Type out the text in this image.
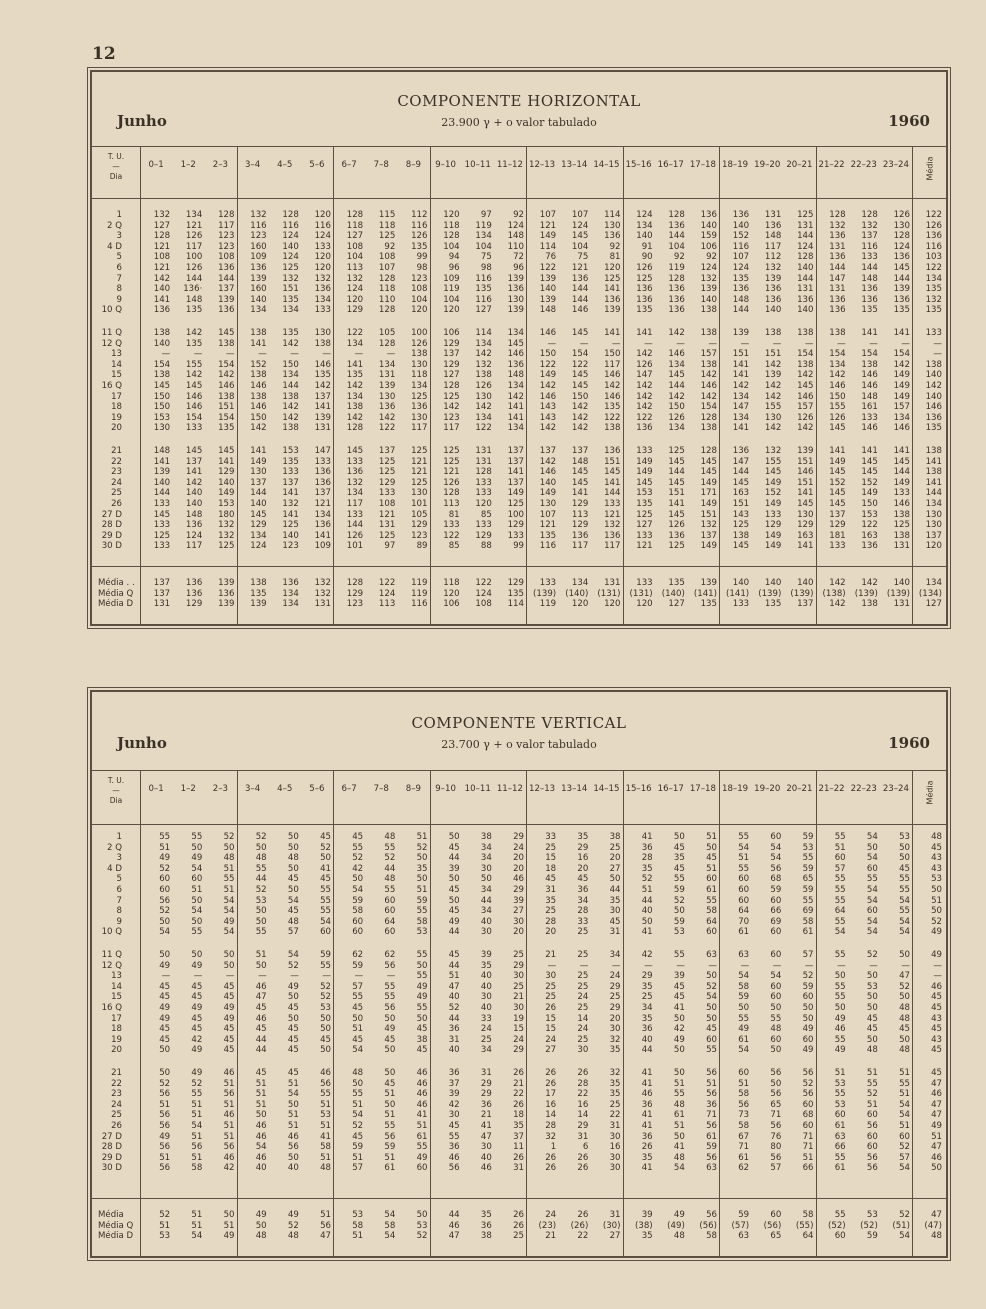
12
COMPONENTE HORIZONTAL
23.900 γ + o valor tabulado
Junho	1960
T. U.
—
Dia
0–1	1–2	2–3	3–4	4–5	5–6	6–7	7–8	8–9	9–10	10–11 11–12 12–13 13–14 14–15 15–16 16–17 17–18 18–19 19–20 20–21 21–22 22–23 23–24	Média
1	132	134	128	132	128	120	128	115	112	120	97	92	107	107	114	124	128	136	136	131	125	128	128	126	122
2 Q	127	121	117	116	116	116	118	118	116	118	119	124	121	124	130	134	136	140	140	136	131	132	132	130	126
3	128	126	123	123	124	124	127	125	126	128	134	148	149	145	136	140	144	159	152	148	144	136	137	128	136
4 D	121	117	123	160	140	133	108	92	135	104	104	110	114	104	92	91	104	106	116	117	124	131	116	124	116
5	108	100	108	109	124	120	104	108	99	94	75	72	76	75	81	90	92	92	107	112	128	136	133	136	103
6	121	126	136	136	125	120	113	107	98	96	98	96	122	121	120	126	119	124	124	132	140	144	144	145	122
7	142	144	144	139	132	132	132	128	123	109	116	139	139	136	125	125	128	132	135	139	144	147	148	144	134
8	140	136·	137	160	151	136	124	118	108	119	135	136	140	144	141	136	136	139	136	136	131	131	136	139	135
9	141	148	139	140	135	134	120	110	104	104	116	130	139	144	136	136	136	140	148	136	136	136	136	136	132
10 Q	136	135	136	134	134	133	129	128	120	120	127	139	148	146	139	135	136	138	144	140	140	136	135	135	135
11 Q	138	142	145	138	135	130	122	105	100	106	114	134	146	145	141	141	142	138	139	138	138	138	141	141	133
12 Q	140	135	138	141	142	138	134	128	126	129	134	145	—	—	—	—	—	—	—	—	—	—	—	—	—
13	—	—	—	—	—	—	—	—	138	137	142	146	150	154	150	142	146	157	151	151	154	154	154	154	—
14	154	155	154	152	150	146	141	134	130	129	132	136	122	122	117	126	134	138	141	142	138	134	138	142	138
15	138	142	142	138	134	135	135	131	118	127	138	148	149	145	146	147	145	142	141	139	142	142	146	149	140
16 Q	145	145	146	146	144	142	142	139	134	128	126	134	142	145	142	142	144	146	142	142	145	146	146	149	142
17	150	146	138	138	138	137	134	130	125	125	130	142	146	150	146	142	142	142	134	142	146	150	148	149	140
18	150	146	151	146	142	141	138	136	136	142	142	141	143	142	135	142	150	154	147	155	157	155	161	157	146
19	153	154	154	150	142	139	142	142	130	123	134	141	143	142	122	122	126	128	134	130	126	126	133	134	136
20	130	133	135	142	138	131	128	122	117	117	122	134	142	142	138	136	134	138	141	142	142	145	146	146	135
21	148	145	145	141	153	147	145	137	125	125	131	137	137	137	136	133	125	128	136	132	139	141	141	141	138
22	141	137	141	149	135	133	133	125	121	125	131	137	142	148	151	149	145	145	147	155	151	149	145	145	141
23	139	141	129	130	133	136	136	125	121	121	128	141	146	145	145	149	144	145	144	145	146	145	145	144	138
24	140	142	140	137	137	136	132	129	125	126	133	137	140	145	141	145	145	149	145	149	151	152	152	149	141
25	144	140	149	144	141	137	134	133	130	128	133	149	149	141	144	153	151	171	163	152	141	145	149	133	144
26	133	140	153	140	132	121	117	108	101	113	120	125	130	129	133	135	141	149	151	149	145	145	150	146	134
27 D	145	148	180	145	141	134	133	121	105	81	85	100	107	113	121	125	145	151	143	133	130	137	153	138	130
28 D	133	136	132	129	125	136	144	131	129	133	133	129	121	129	132	127	126	132	125	129	129	129	122	125	130
29 D	125	124	132	134	140	141	126	125	123	122	129	133	135	136	136	133	136	137	138	149	163	181	163	138	137
30 D	133	117	125	124	123	109	101	97	89	85	88	99	116	117	117	121	125	149	145	149	141	133	136	131	120
Média . .	137	136	139	138	136	132	128	122	119	118	122	129	133	134	131	133	135	139	140	140	140	142	142	140	134
Média Q	137	136	136	135	134	132	129	124	119	120	124	135	(139)	(140)	(131)	(131)	(140)	(141)	(141)	(139)	(139)	(138)	(139)	(139)	(134)
Média D	131	129	139	139	134	131	123	113	116	106	108	114	119	120	120	120	127	135	133	135	137	142	138	131	127
COMPONENTE VERTICAL
23.700 γ + o valor tabulado
Junho	1960
T. U.
—
Dia
0–1	1–2	2–3	3–4	4–5	5–6	6–7	7–8	8–9	9–10	10–11 11–12 12–13 13–14 14–15 15–16 16–17 17–18 18–19 19–20 20–21 21–22 22–23 23–24	Média
1	55	55	52	52	50	45	45	48	51	50	38	29	33	35	38	41	50	51	55	60	59	55	54	53	48
2 Q	51	50	50	50	50	52	55	55	52	45	34	24	25	29	25	36	45	50	54	54	53	51	50	50	45
3	49	49	48	48	48	50	52	52	50	44	34	20	15	16	20	28	35	45	51	54	55	60	54	50	43
4 D	52	54	51	55	50	41	42	44	35	39	30	20	18	20	27	35	45	51	55	56	59	57	60	45	43
5	60	60	55	44	45	45	50	48	50	50	50	46	45	45	50	52	55	60	60	68	65	55	55	55	53
6	60	51	51	52	50	55	54	55	51	45	34	29	31	36	44	51	59	61	60	59	59	55	54	55	50
7	56	50	54	53	54	55	59	60	59	50	44	39	35	34	35	44	52	55	60	60	55	55	54	54	51
8	52	54	54	50	45	55	58	60	55	45	34	27	25	28	30	40	50	58	64	66	69	64	60	55	50
9	50	50	49	50	48	54	60	64	58	49	40	30	28	33	45	50	59	64	70	69	58	55	54	54	52
10 Q	54	55	54	55	57	60	60	60	53	44	30	20	20	25	31	41	53	60	61	60	61	54	54	54	49
11 Q	50	50	50	51	54	59	62	62	55	45	39	25	21	25	34	42	55	63	63	60	57	55	52	50	49
12 Q	49	49	50	50	52	55	59	56	50	44	35	29	—	—	—	—	—	—	—	—	—	—	—	—	—
13	—	—	—	—	—	—	—	—	55	51	40	30	30	25	24	29	39	50	54	54	52	50	50	47	—
14	45	45	45	46	49	52	57	55	49	47	40	25	25	25	29	35	45	52	58	60	59	55	53	52	46
15	45	45	45	47	50	52	55	55	49	40	30	21	25	24	25	25	45	54	59	60	60	55	50	50	45
16 Q	49	49	49	45	45	53	45	56	55	52	40	30	26	25	29	34	41	50	50	50	50	50	50	48	45
17	49	45	49	46	50	50	50	50	50	44	33	19	15	14	20	35	50	50	55	55	50	49	45	48	43
18	45	45	45	45	45	50	51	49	45	36	24	15	15	24	30	36	42	45	49	48	49	46	45	45	45
19	45	42	45	44	45	45	45	45	38	31	25	24	24	25	32	40	49	60	61	60	60	55	50	50	43
20	50	49	45	44	45	50	54	50	45	40	34	29	27	30	35	44	50	55	54	50	49	49	48	48	45
21	50	49	46	45	45	46	48	50	46	36	31	26	26	26	32	41	50	56	60	56	56	51	51	51	45
22	52	52	51	51	51	56	50	45	46	37	29	21	26	28	35	41	51	51	51	50	52	53	55	55	47
23	56	55	56	51	54	55	55	51	46	39	29	22	17	22	35	46	55	56	58	56	56	55	52	51	46
24	51	51	51	51	50	51	51	50	46	42	36	26	16	16	25	36	48	36	56	65	60	53	51	54	47
25	56	51	46	50	51	53	54	51	41	30	21	18	14	14	22	41	61	71	73	71	68	60	60	54	47
26	56	54	51	46	51	51	52	55	51	45	41	35	28	29	31	41	51	56	58	56	60	61	56	51	49
27 D	49	51	51	46	46	41	45	56	61	55	47	37	32	31	30	36	50	61	67	76	71	63	60	60	51
28 D	56	56	56	54	56	58	59	59	55	36	30	11	1	6	16	26	41	59	71	80	71	66	60	52	47
29 D	51	51	46	46	50	51	51	51	49	46	40	26	26	26	30	35	48	56	61	56	51	55	56	57	46
30 D	56	58	42	40	40	48	57	61	60	56	46	31	26	26	30	41	54	63	62	57	66	61	56	54	50
Média	52	51	50	49	49	51	53	54	50	44	35	26	24	26	31	39	49	56	59	60	58	55	53	52	47
Média Q	51	51	51	50	52	56	58	58	53	46	36	26	(23)	(26)	(30)	(38)	(49)	(56)	(57)	(56)	(55)	(52)	(52)	(51)	(47)
Média D	53	54	49	48	48	47	51	54	52	47	38	25	21	22	27	35	48	58	63	65	64	60	59	54	48
